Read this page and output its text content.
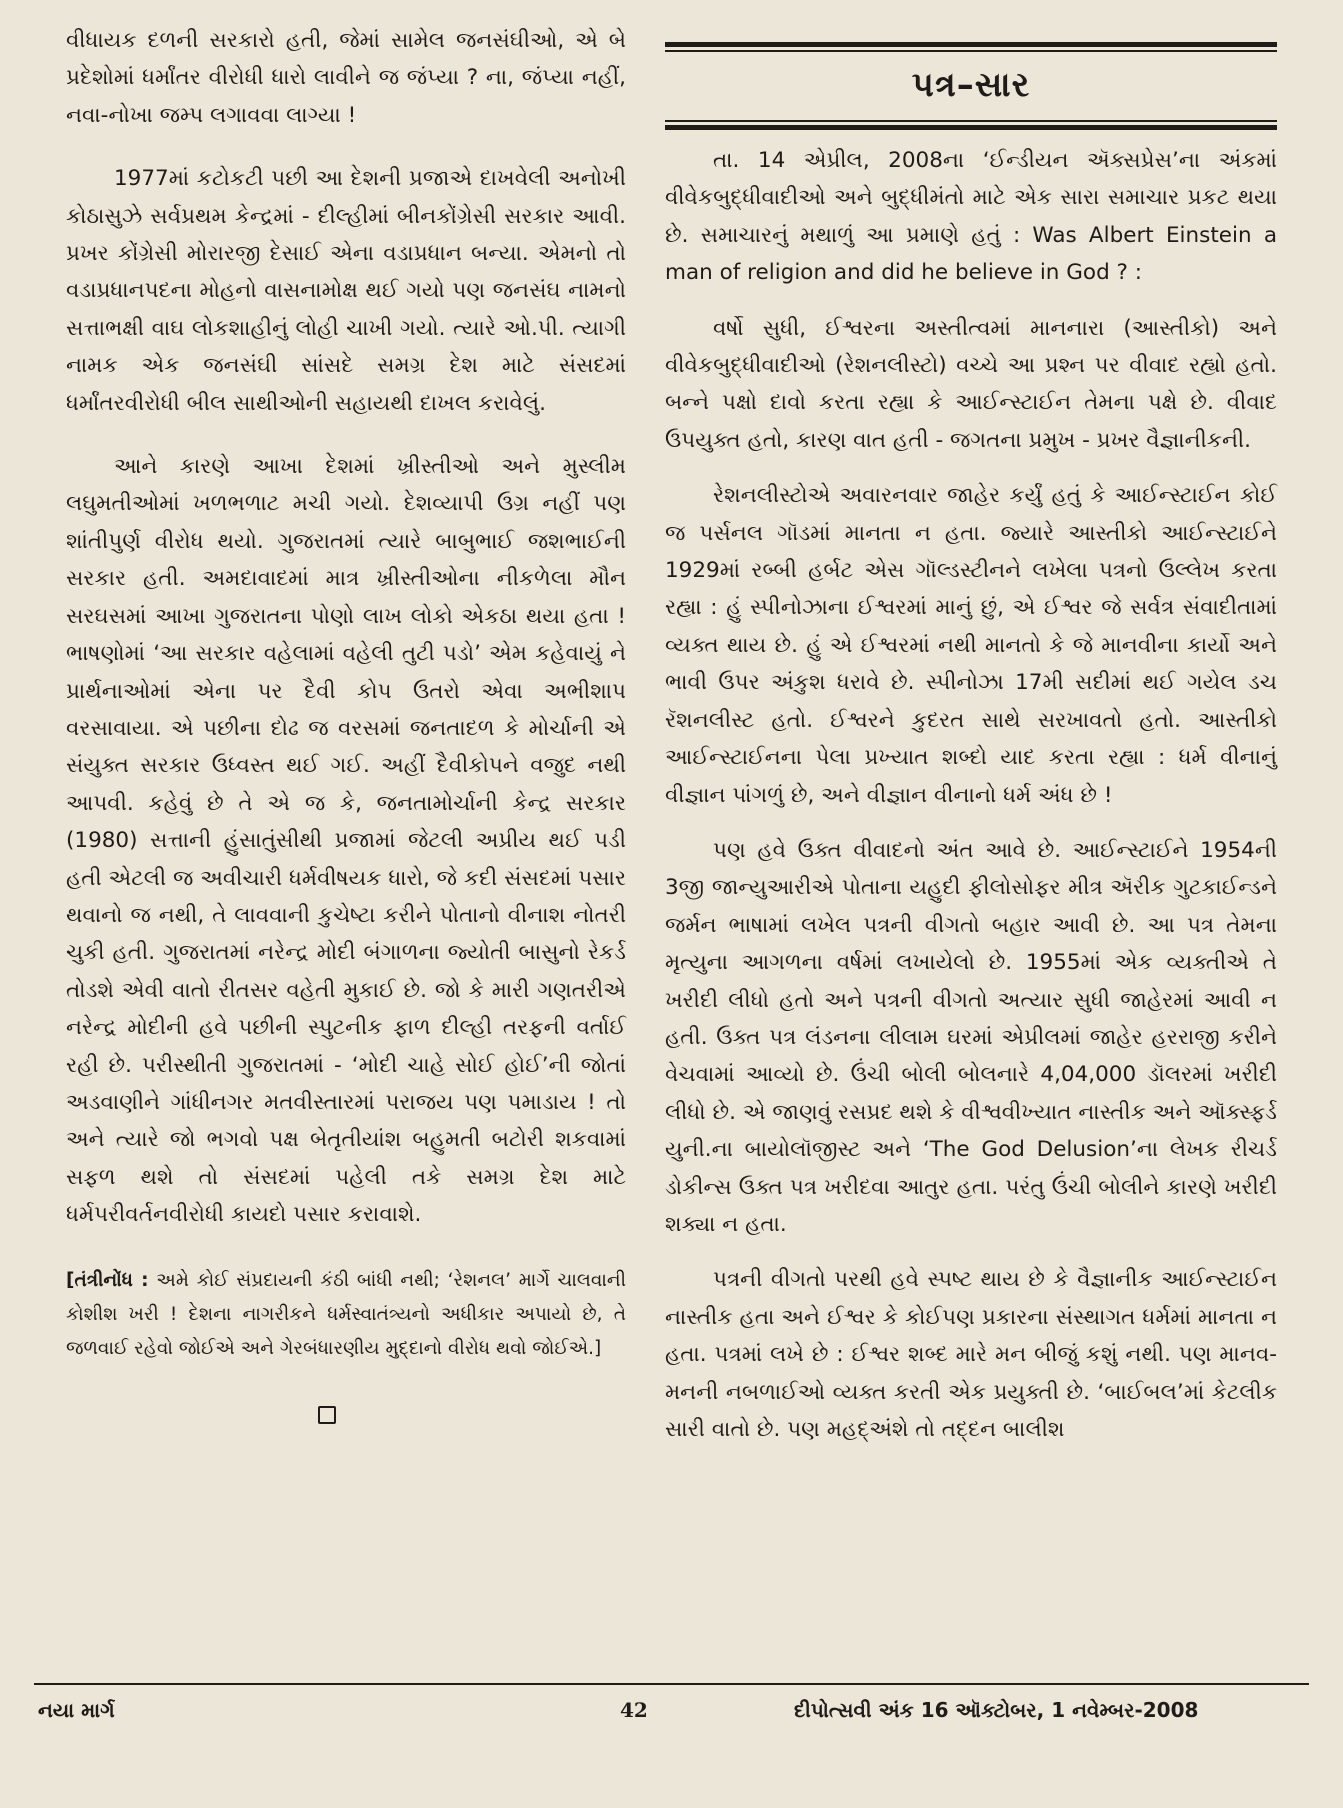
વીધાયક દળની સરકારો હતી, જેમાં સામેલ જનસંઘીઓ, એ બે પ્રદેશોમાં ધર્માંતર વીરોધી ધારો લાવીને જ જંપ્યા ? ના, જંપ્યા નહીં, નવા-નોખા જમ્પ લગાવવા લાગ્યા !

1977માં કટોકટી પછી આ દેશની પ્રજાએ દાખવેલી અનોખી કોઠાસુઝે સર્વપ્રથમ કેન્દ્રમાં - દીલ્હીમાં બીનકોંગ્રેસી સરકાર આવી. પ્રખર કોંગ્રેસી મોરારજી દેસાઈ એના વડાપ્રધાન બન્યા. એમનો તો વડાપ્રધાનપદના મોહનો વાસનામોક્ષ થઈ ગયો પણ જનસંઘ નામનો સત્તાભક્ષી વાઘ લોકશાહીનું લોહી ચાખી ગયો. ત્યારે ઓ.પી. ત્યાગી નામક એક જનસંઘી સાંસદે સમગ્ર દેશ માટે સંસદમાં ધર્માંતરવીરોધી બીલ સાથીઓની સહાયથી દાખલ કરાવેલું.

આને કારણે આખા દેશમાં ખ્રીસ્તીઓ અને મુસ્લીમ લઘુમતીઓમાં ખળભળાટ મચી ગયો. દેશવ્યાપી ઉગ્ર નહીં પણ શાંતીપુર્ણ વીરોધ થયો. ગુજરાતમાં ત્યારે બાબુભાઈ જશભાઈની સરકાર હતી. અમદાવાદમાં માત્ર ખ્રીસ્તીઓના નીકળેલા મૌન સરઘસમાં આખા ગુજરાતના પોણો લાખ લોકો એકઠા થયા હતા ! ભાષણોમાં ‘આ સરકાર વહેલામાં વહેલી તુટી પડો’ એમ કહેવાયું ને પ્રાર્થનાઓમાં એના પર દૈવી કોપ ઉતરો એવા અભીશાપ વરસાવાયા. એ પછીના દોઢ જ વરસમાં જનતાદળ કે મોર્ચાની એ સંયુક્ત સરકાર ઉધ્વસ્ત થઈ ગઈ. અહીં દૈવીકોપને વજુદ નથી આપવી. કહેવું છે તે એ જ કે, જનતામોર્ચાની કેન્દ્ર સરકાર (1980) સત્તાની હુંસાતુંસીથી પ્રજામાં જેટલી અપ્રીય થઈ પડી હતી એટલી જ અવીચારી ધર્મવીષયક ધારો, જે કદી સંસદમાં પસાર થવાનો જ નથી, તે લાવવાની કુચેષ્ટા કરીને પોતાનો વીનાશ નોતરી ચુકી હતી. ગુજરાતમાં નરેન્દ્ર મોદી બંગાળના જ્યોતી બાસુનો રેકર્ડ તોડશે એવી વાતો રીતસર વહેતી મુકાઈ છે. જો કે મારી ગણતરીએ નરેન્દ્ર મોદીની હવે પછીની સ્પુટનીક ફાળ દીલ્હી તરફની વર્તાઈ રહી છે. પરીસ્થીતી ગુજરાતમાં - ‘મોદી ચાહે સોઈ હોઈ’ની જોતાં અડવાણીને ગાંધીનગર મતવીસ્તારમાં પરાજય પણ પમાડાય ! તો અને ત્યારે જો ભગવો પક્ષ બેતૃતીયાંશ બહુમતી બટોરી શકવામાં સફળ થશે તો સંસદમાં પહેલી તકે સમગ્ર દેશ માટે ધર્મપરીવર્તનવીરોધી કાયદો પસાર કરાવાશે.

[તંત્રીનોંધ : અમે કોઈ સંપ્રદાયની કંઠી બાંધી નથી; ‘રેશનલ’ માર્ગે ચાલવાની કોશીશ ખરી ! દેશના નાગરીકને ધર્મસ્વાતંત્ર્યનો અધીકાર અપાયો છે, તે જળવાઈ રહેવો જોઈએ અને ગેરબંધારણીય મુદ્દાનો વીરોધ થવો જોઈએ.]

પત્ર–સાર

તા. 14 એપ્રીલ, 2008ના ‘ઈન્ડીયન ઍક્સપ્રેસ’ના અંકમાં વીવેકબુદ્ધીવાદીઓ અને બુદ્ધીમંતો માટે એક સારા સમાચાર પ્રકટ થયા છે. સમાચારનું મથાળું આ પ્રમાણે હતું : Was Albert Einstein a man of religion and did he believe in God ? :

વર્ષો સુધી, ઈશ્વરના અસ્તીત્વમાં માનનારા (આસ્તીકો) અને વીવેકબુદ્ધીવાદીઓ (રેશનલીસ્ટો) વચ્ચે આ પ્રશ્ન પર વીવાદ રહ્યો હતો. બન્ને પક્ષો દાવો કરતા રહ્યા કે આઈન્સ્ટાઈન તેમના પક્ષે છે. વીવાદ ઉપયુક્ત હતો, કારણ વાત હતી - જગતના પ્રમુખ - પ્રખર વૈજ્ઞાનીકની.

રેશનલીસ્ટોએ અવારનવાર જાહેર કર્યું હતું કે આઈન્સ્ટાઈન કોઈ જ પર્સનલ ગૉડમાં માનતા ન હતા. જ્યારે આસ્તીકો આઈન્સ્ટાઈને 1929માં રબ્બી હર્બટ એસ ગૉલ્ડસ્ટીનને લખેલા પત્રનો ઉલ્લેખ કરતા રહ્યા : હું સ્પીનોઝાના ઈશ્વરમાં માનું છું, એ ઈશ્વર જે સર્વત્ર સંવાદીતામાં વ્યક્ત થાય છે. હું એ ઈશ્વરમાં નથી માનતો કે જે માનવીના કાર્યો અને ભાવી ઉપર અંકુશ ધરાવે છે. સ્પીનોઝા 17મી સદીમાં થઈ ગયેલ ડચ રૅશનલીસ્ટ હતો. ઈશ્વરને કુદરત સાથે સરખાવતો હતો. આસ્તીકો આઈન્સ્ટાઈનના પેલા પ્રખ્યાત શબ્દો યાદ કરતા રહ્યા : ધર્મ વીનાનું વીજ્ઞાન પાંગળું છે, અને વીજ્ઞાન વીનાનો ધર્મ અંધ છે !

પણ હવે ઉક્ત વીવાદનો અંત આવે છે. આઈન્સ્ટાઈને 1954ની 3જી જાન્યુઆરીએ પોતાના યહુદી ફીલોસોફર મીત્ર ઍરીક ગુટકાઈન્ડને જર્મન ભાષામાં લખેલ પત્રની વીગતો બહાર આવી છે. આ પત્ર તેમના મૃત્યુના આગળના વર્ષમાં લખાયેલો છે. 1955માં એક વ્યક્તીએ તે ખરીદી લીધો હતો અને પત્રની વીગતો અત્યાર સુધી જાહેરમાં આવી ન હતી. ઉક્ત પત્ર લંડનના લીલામ ઘરમાં એપ્રીલમાં જાહેર હરરાજી કરીને વેચવામાં આવ્યો છે. ઉંચી બોલી બોલનારે 4,04,000 ડૉલરમાં ખરીદી લીધો છે. એ જાણવું રસપ્રદ થશે કે વીશ્વવીખ્યાત નાસ્તીક અને ઑક્સ્ફર્ડ યુની.ના બાયોલૉજીસ્ટ અને ‘The God Delusion’ના લેખક રીચર્ડ ડોકીન્સ ઉક્ત પત્ર ખરીદવા આતુર હતા. પરંતુ ઉંચી બોલીને કારણે ખરીદી શક્યા ન હતા.

પત્રની વીગતો પરથી હવે સ્પષ્ટ થાય છે કે વૈજ્ઞાનીક આઈન્સ્ટાઈન નાસ્તીક હતા અને ઈશ્વર કે કોઈપણ પ્રકારના સંસ્થાગત ધર્મમાં માનતા ન હતા. પત્રમાં લખે છે : ઈશ્વર શબ્દ મારે મન બીજું કશું નથી. પણ માનવ-મનની નબળાઈઓ વ્યક્ત કરતી એક પ્રયુક્તી છે. ‘બાઈબલ’માં કેટલીક સારી વાતો છે. પણ મહદ્અંશે તો તદ્દન બાલીશ

નયા માર્ગ	42	દીપોત્સવી અંક 16 ઑક્ટોબર, 1 નવેમ્બર-2008
